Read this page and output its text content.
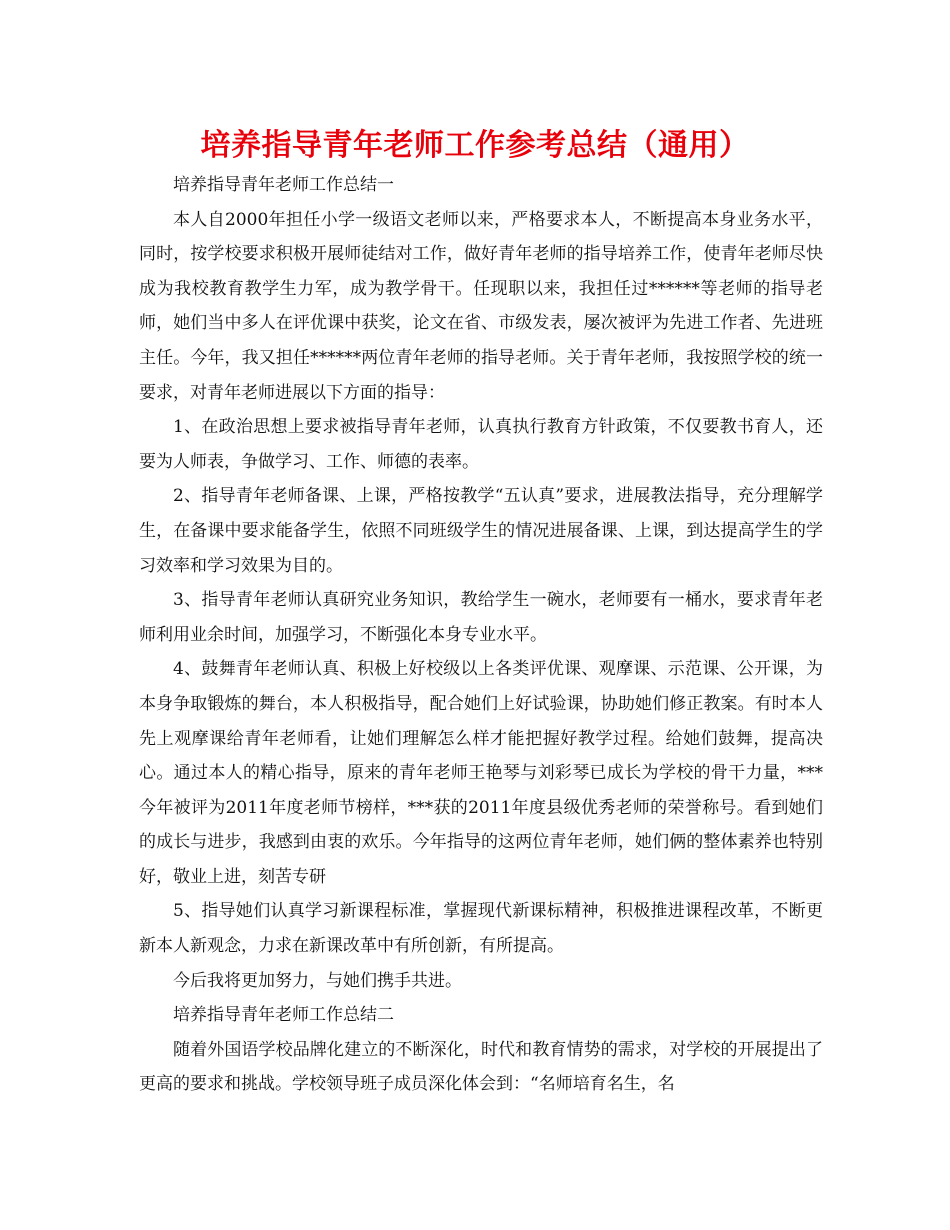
培养指导青年老师工作参考总结（通用）

培养指导青年老师工作总结一

本人自2000年担任小学一级语文老师以来，严格要求本人，不断提高本身业务水平，同时，按学校要求积极开展师徒结对工作，做好青年老师的指导培养工作，使青年老师尽快成为我校教育教学生力军，成为教学骨干。任现职以来，我担任过******等老师的指导老师，她们当中多人在评优课中获奖，论文在省、市级发表，屡次被评为先进工作者、先进班主任。今年，我又担任******两位青年老师的指导老师。关于青年老师，我按照学校的统一要求，对青年老师进展以下方面的指导：

1、在政治思想上要求被指导青年老师，认真执行教育方针政策，不仅要教书育人，还要为人师表，争做学习、工作、师德的表率。

2、指导青年老师备课、上课，严格按教学“五认真”要求，进展教法指导，充分理解学生，在备课中要求能备学生，依照不同班级学生的情况进展备课、上课，到达提高学生的学习效率和学习效果为目的。

3、指导青年老师认真研究业务知识，教给学生一碗水，老师要有一桶水，要求青年老师利用业余时间，加强学习，不断强化本身专业水平。

4、鼓舞青年老师认真、积极上好校级以上各类评优课、观摩课、示范课、公开课，为本身争取锻炼的舞台，本人积极指导，配合她们上好试验课，协助她们修正教案。有时本人先上观摩课给青年老师看，让她们理解怎么样才能把握好教学过程。给她们鼓舞，提高决心。通过本人的精心指导，原来的青年老师王艳琴与刘彩琴已成长为学校的骨干力量，***今年被评为2011年度老师节榜样，***获的2011年度县级优秀老师的荣誉称号。看到她们的成长与进步，我感到由衷的欢乐。今年指导的这两位青年老师，她们俩的整体素养也特别好，敬业上进，刻苦专研

5、指导她们认真学习新课程标准，掌握现代新课标精神，积极推进课程改革，不断更新本人新观念，力求在新课改革中有所创新，有所提高。

今后我将更加努力，与她们携手共进。

培养指导青年老师工作总结二

随着外国语学校品牌化建立的不断深化，时代和教育情势的需求，对学校的开展提出了更高的要求和挑战。学校领导班子成员深化体会到：“名师培育名生，名
